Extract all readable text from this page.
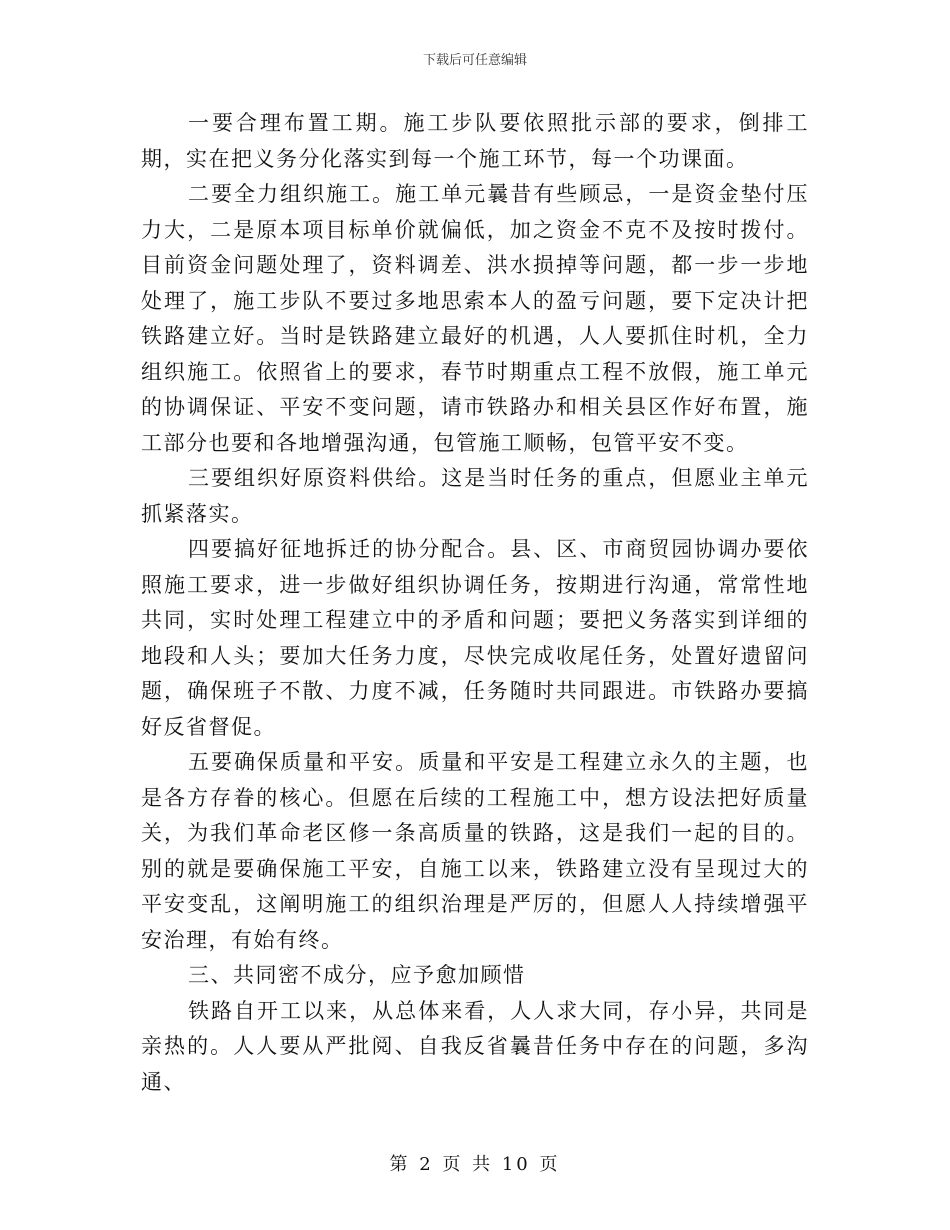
下载后可任意编辑

一要合理布置工期。施工步队要依照批示部的要求，倒排工期，实在把义务分化落实到每一个施工环节，每一个功课面。

二要全力组织施工。施工单元曩昔有些顾忌，一是资金垫付压力大，二是原本项目标单价就偏低，加之资金不克不及按时拨付。目前资金问题处理了，资料调差、洪水损掉等问题，都一步一步地处理了，施工步队不要过多地思索本人的盈亏问题，要下定决计把铁路建立好。当时是铁路建立最好的机遇，人人要抓住时机，全力组织施工。依照省上的要求，春节时期重点工程不放假，施工单元的协调保证、平安不变问题，请市铁路办和相关县区作好布置，施工部分也要和各地增强沟通，包管施工顺畅，包管平安不变。

三要组织好原资料供给。这是当时任务的重点，但愿业主单元抓紧落实。

四要搞好征地拆迁的协分配合。县、区、市商贸园协调办要依照施工要求，进一步做好组织协调任务，按期进行沟通，常常性地共同，实时处理工程建立中的矛盾和问题；要把义务落实到详细的地段和人头；要加大任务力度，尽快完成收尾任务，处置好遗留问题，确保班子不散、力度不减，任务随时共同跟进。市铁路办要搞好反省督促。

五要确保质量和平安。质量和平安是工程建立永久的主题，也是各方存眷的核心。但愿在后续的工程施工中，想方设法把好质量关，为我们革命老区修一条高质量的铁路，这是我们一起的目的。别的就是要确保施工平安，自施工以来，铁路建立没有呈现过大的平安变乱，这阐明施工的组织治理是严厉的，但愿人人持续增强平安治理，有始有终。

三、共同密不成分，应予愈加顾惜

铁路自开工以来，从总体来看，人人求大同，存小异，共同是亲热的。人人要从严批阅、自我反省曩昔任务中存在的问题，多沟通、

第 2 页 共 10 页
